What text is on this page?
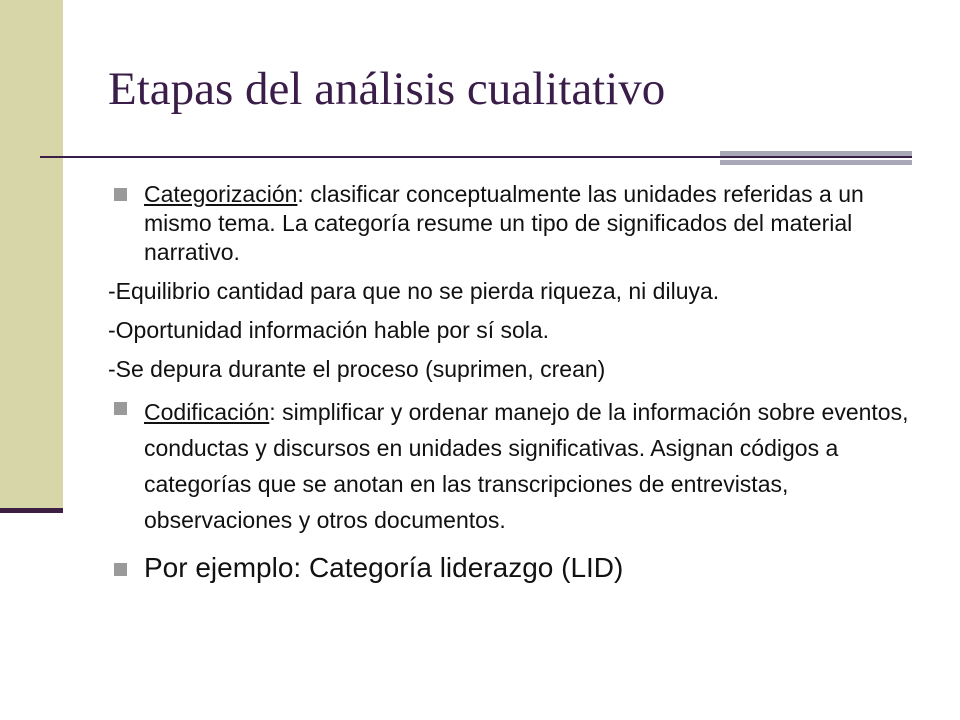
Etapas del análisis cualitativo
Categorización: clasificar conceptualmente las unidades referidas a un mismo tema. La categoría resume un tipo de significados del material narrativo.
-Equilibrio cantidad para que no se pierda riqueza, ni diluya.
-Oportunidad información hable por sí sola.
-Se depura durante el proceso (suprimen, crean)
Codificación: simplificar y ordenar manejo de la información sobre eventos, conductas y discursos en unidades significativas. Asignan códigos a categorías que se anotan en las transcripciones de entrevistas, observaciones y otros documentos.
Por ejemplo: Categoría liderazgo (LID)
